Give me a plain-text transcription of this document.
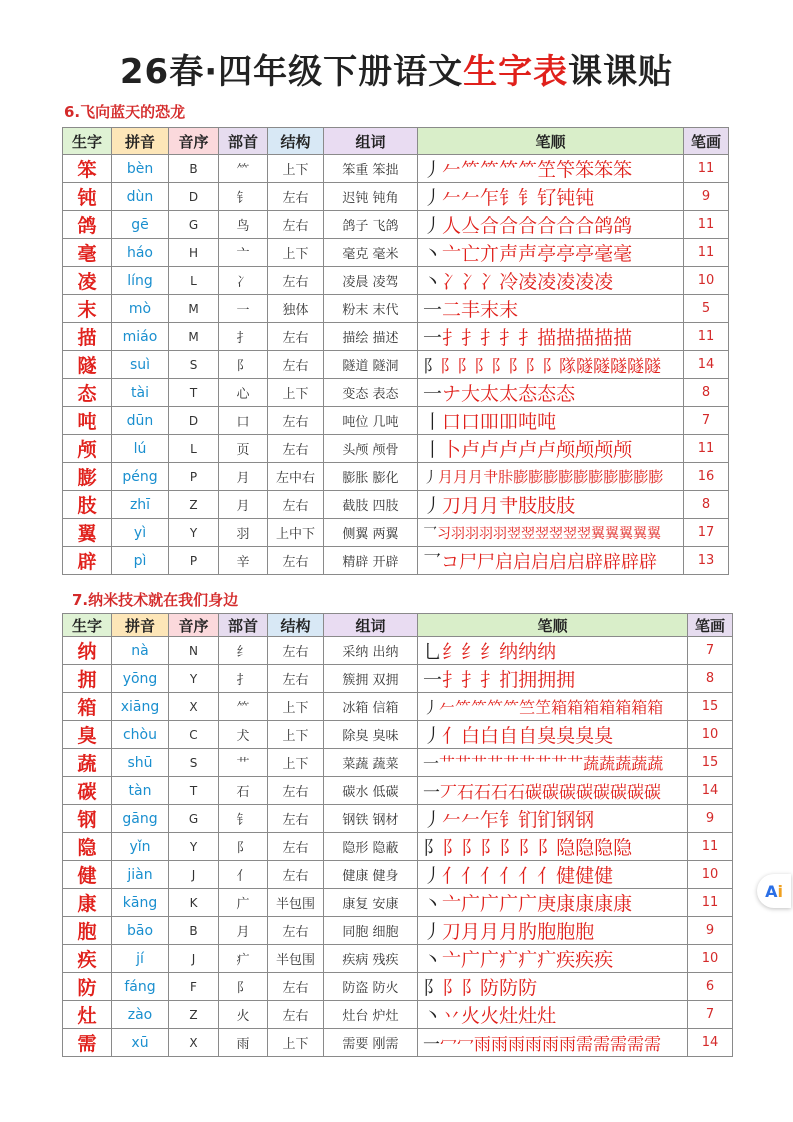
26春·四年级下册语文生字表课课贴
6.飞向蓝天的恐龙
生字	拼音	音序	部首	结构	组词	笔顺	笔画
笨	bèn	B	⺮	上下	笨重 笨拙	丿𠂉⺮⺮𥫗⺮笁笇笨笨笨	11
钝	dùn	D	钅	左右	迟钝 钝角	丿𠂉𠂉乍钅钅钌钝钝	9
鸽	gē	G	鸟	左右	鸽子 飞鸽	丿人亼合合合合合合鸽鸽	11
毫	háo	H	亠	上下	毫克 毫米	丶亠亡亣声声亭亭亭毫毫	11
凌	líng	L	冫	左右	凌晨 凌驾	丶冫冫冫冷凌凌凌凌凌	10
末	mò	M	一	独体	粉末 末代	一二丰末末	5
描	miáo	M	扌	左右	描绘 描述	一扌扌扌扌扌描描描描描	11
隧	suì	S	阝	左右	隧道 隧洞	阝阝阝阝阝阝阝阝隊隧隧隧隧隧	14
态	tài	T	心	上下	变态 表态	一ナ大太太态态态	8
吨	dūn	D	口	左右	吨位 几吨	丨口口吅吅吨吨	7
颅	lú	L	页	左右	头颅 颅骨	丨卜卢卢卢卢卢颅颅颅颅	11
膨	péng	P	月	左中右	膨胀 膨化	丿月月月肀胩膨膨膨膨膨膨膨膨膨膨	16
肢	zhī	Z	月	左右	截肢 四肢	丿刀月月肀肢肢肢	8
翼	yì	Y	羽	上中下	侧翼 两翼	乛习羽羽羽羽翌翌翌翌翌翌翼翼翼翼翼	17
辟	pì	P	辛	左右	精辟 开辟	乛コ尸尸启启启启启辟辟辟辟	13
7.纳米技术就在我们身边
生字	拼音	音序	部首	结构	组词	笔顺	笔画
纳	nà	N	纟	左右	采纳 出纳	乚纟纟纟纳纳纳	7
拥	yōng	Y	扌	左右	簇拥 双拥	一扌扌扌扪拥拥拥	8
箱	xiāng	X	⺮	上下	冰箱 信箱	丿𠂉⺮⺮𥫗⺮竺笁箱箱箱箱箱箱箱	15
臭	chòu	C	犬	上下	除臭 臭味	丿亻白白自自臭臭臭臭	10
蔬	shū	S	艹	上下	菜蔬 蔬菜	一艹艹艹艹艹艹艹艹艹蔬蔬蔬蔬蔬	15
碳	tàn	T	石	左右	碳水 低碳	一丆石石石石碳碳碳碳碳碳碳碳	14
钢	gāng	G	钅	左右	钢铁 钢材	丿𠂉𠂉乍钅钔钔钢钢	9
隐	yǐn	Y	阝	左右	隐形 隐蔽	阝阝阝阝阝阝阝隐隐隐隐	11
健	jiàn	J	亻	左右	健康 健身	丿亻亻亻亻亻亻健健健	10
康	kāng	K	广	半包围	康复 安康	丶亠广广广广庚康康康康	11
胞	bāo	B	月	左右	同胞 细胞	丿刀月月月肑胞胞胞	9
疾	jí	J	疒	半包围	疾病 残疾	丶亠广广疒疒疒疾疾疾	10
防	fáng	F	阝	左右	防盗 防火	阝阝阝防防防	6
灶	zào	Z	火	左右	灶台 炉灶	丶丷火火灶灶灶	7
需	xū	X	雨	上下	需要 刚需	一冖冖雨雨雨雨雨雨需需需需需	14
A i
